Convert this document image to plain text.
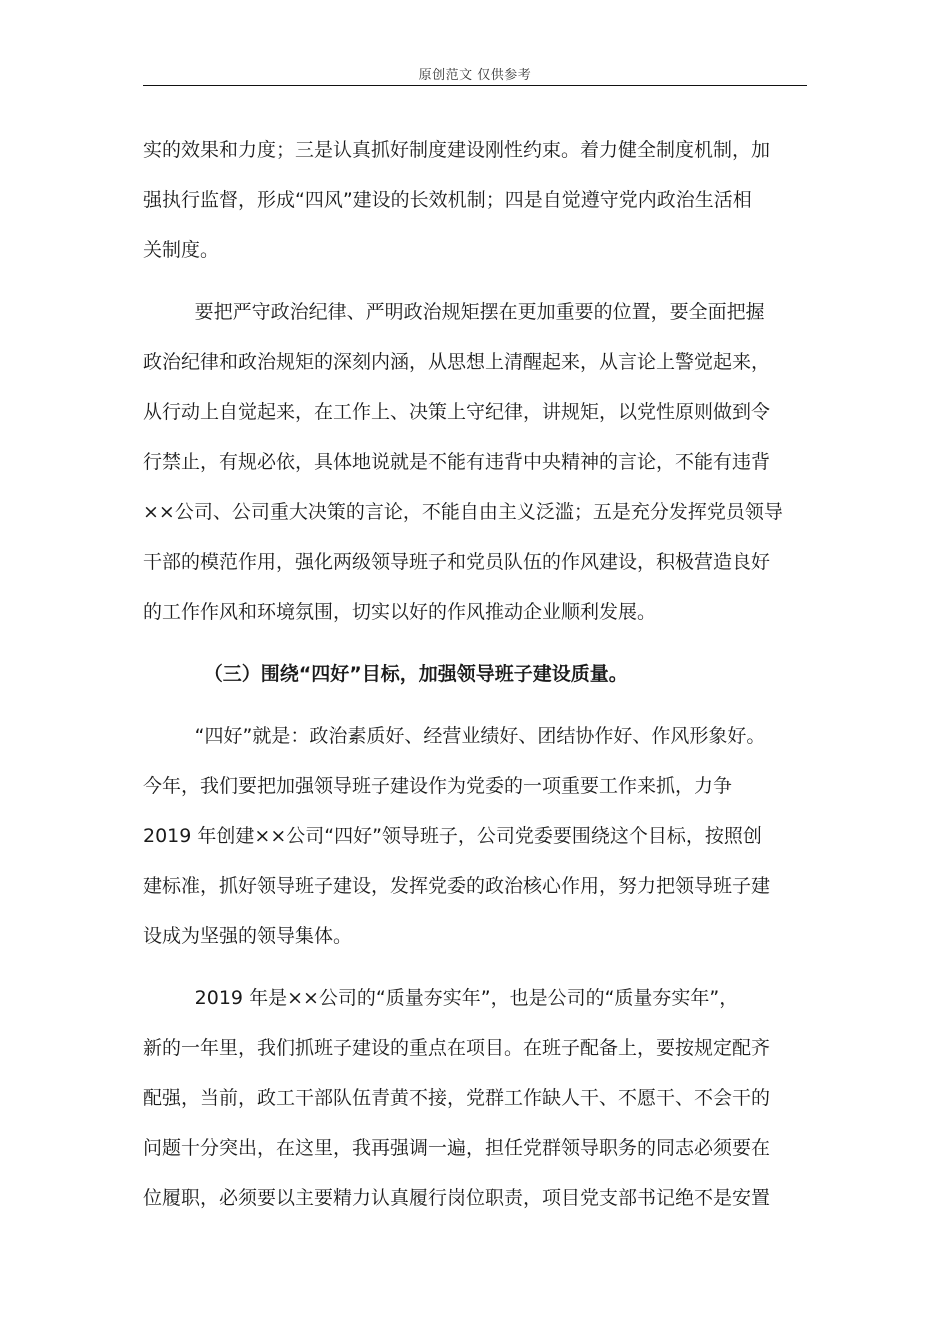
原创范文 仅供参考

实的效果和力度；三是认真抓好制度建设刚性约束。着力健全制度机制，加
强执行监督，形成“四风”建设的长效机制；四是自觉遵守党内政治生活相
关制度。

要把严守政治纪律、严明政治规矩摆在更加重要的位置，要全面把握
政治纪律和政治规矩的深刻内涵，从思想上清醒起来，从言论上警觉起来，
从行动上自觉起来，在工作上、决策上守纪律，讲规矩，以党性原则做到令
行禁止，有规必依，具体地说就是不能有违背中央精神的言论，不能有违背
××公司、公司重大决策的言论，不能自由主义泛滥；五是充分发挥党员领导
干部的模范作用，强化两级领导班子和党员队伍的作风建设，积极营造良好
的工作作风和环境氛围，切实以好的作风推动企业顺利发展。

（三）围绕“四好”目标，加强领导班子建设质量。

“四好”就是：政治素质好、经营业绩好、团结协作好、作风形象好。
今年，我们要把加强领导班子建设作为党委的一项重要工作来抓，力争
2019 年创建××公司“四好”领导班子，公司党委要围绕这个目标，按照创
建标准，抓好领导班子建设，发挥党委的政治核心作用，努力把领导班子建
设成为坚强的领导集体。

2019 年是××公司的“质量夯实年”，也是公司的“质量夯实年”，
新的一年里，我们抓班子建设的重点在项目。在班子配备上，要按规定配齐
配强，当前，政工干部队伍青黄不接，党群工作缺人干、不愿干、不会干的
问题十分突出，在这里，我再强调一遍，担任党群领导职务的同志必须要在
位履职，必须要以主要精力认真履行岗位职责，项目党支部书记绝不是安置
